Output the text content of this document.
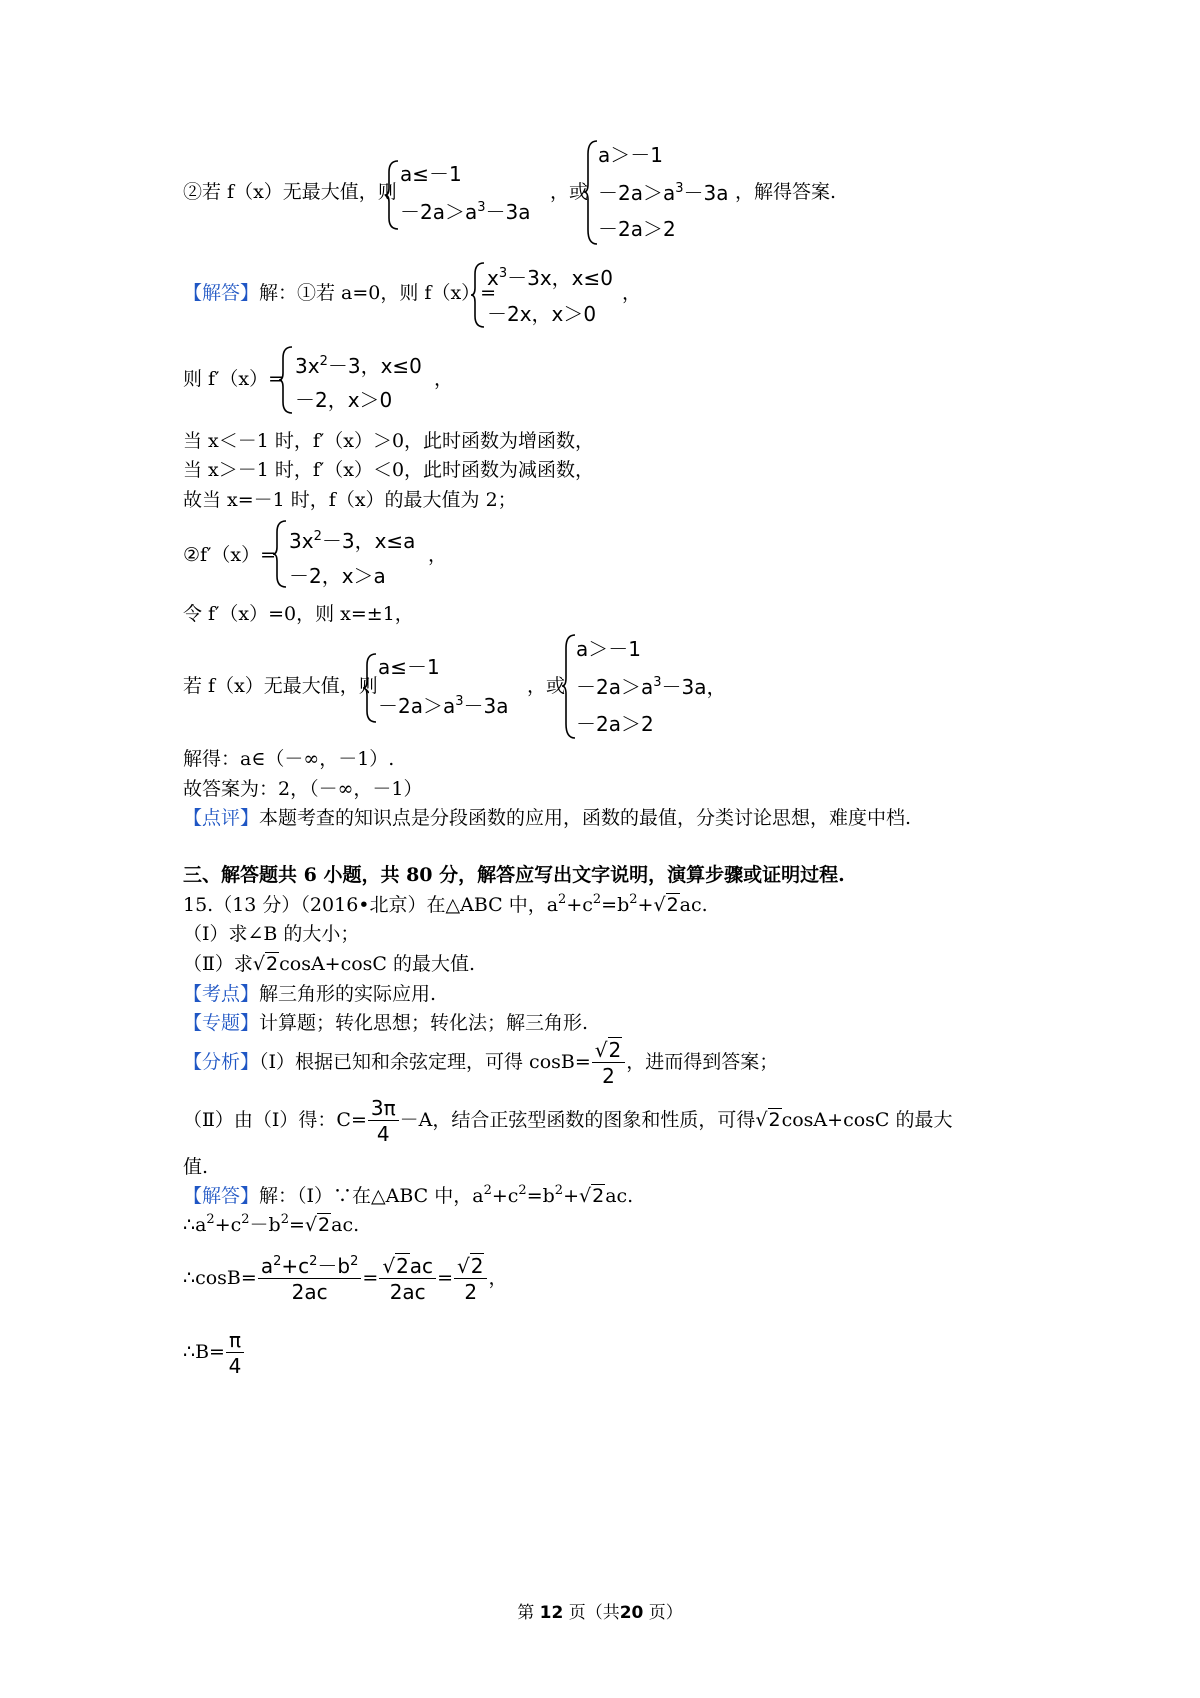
②若 f（x）无最大值，则
a≤－1
$-2a>a^3-3a$
，或
a＞－1
$-2a>a^3-3a$
－2a＞2
，解得答案.
【解答】解：①若 a=0，则 f（x）=
$x^3-3x$，x≤0
－2x，x＞0
，
则 f′（x）=
$3x^2-3$，x≤0
－2，x＞0
，
当 x＜－1 时，f′（x）＞0，此时函数为增函数，
当 x＞－1 时，f′（x）＜0，此时函数为减函数，
故当 x=－1 时，f（x）的最大值为 2；
②f′（x）=
$3x^2-3$，x≤a
－2，x＞a
，
令 f′（x）=0，则 x=±1，
若 f（x）无最大值，则
a≤－1
$-2a>a^3-3a$
，或
a＞－1
$-2a>a^3-3a$，
－2a＞2
解得：a∈（－∞，－1）.
故答案为：2，（－∞，－1）
【点评】本题考查的知识点是分段函数的应用，函数的最值，分类讨论思想，难度中档.
三、解答题共 6 小题，共 80 分，解答应写出文字说明，演算步骤或证明过程.
15.（13 分）（2016•北京）在△ABC 中，$a^2+c^2=b^2+√2ac$.
（Ⅰ）求∠B 的大小；
（Ⅱ）求√2cosA+cosC 的最大值.
【考点】解三角形的实际应用.
【专题】计算题；转化思想；转化法；解三角形.
【分析】（Ⅰ）根据已知和余弦定理，可得 $\cos B= \frac{√2}{2}$ ，进而得到答案；
（Ⅱ）由（Ⅰ）得：$C= \frac{3\pi}{4} -A$，结合正弦型函数的图象和性质，可得√2cosA+cosC 的最大
值.
【解答】解：（Ⅰ）∵在△ABC 中，$a^2+c^2=b^2+√2ac$.
$\therefore a^2+c^2-b^2=√2ac$.
∴cosB= $\frac{a^2+c^2-b^2}{2ac} = \frac{√2ac}{2ac} = \frac{√2}{2}$ ，
∴B= $\frac{\pi}{4}$
第 12 页（共20 页）
